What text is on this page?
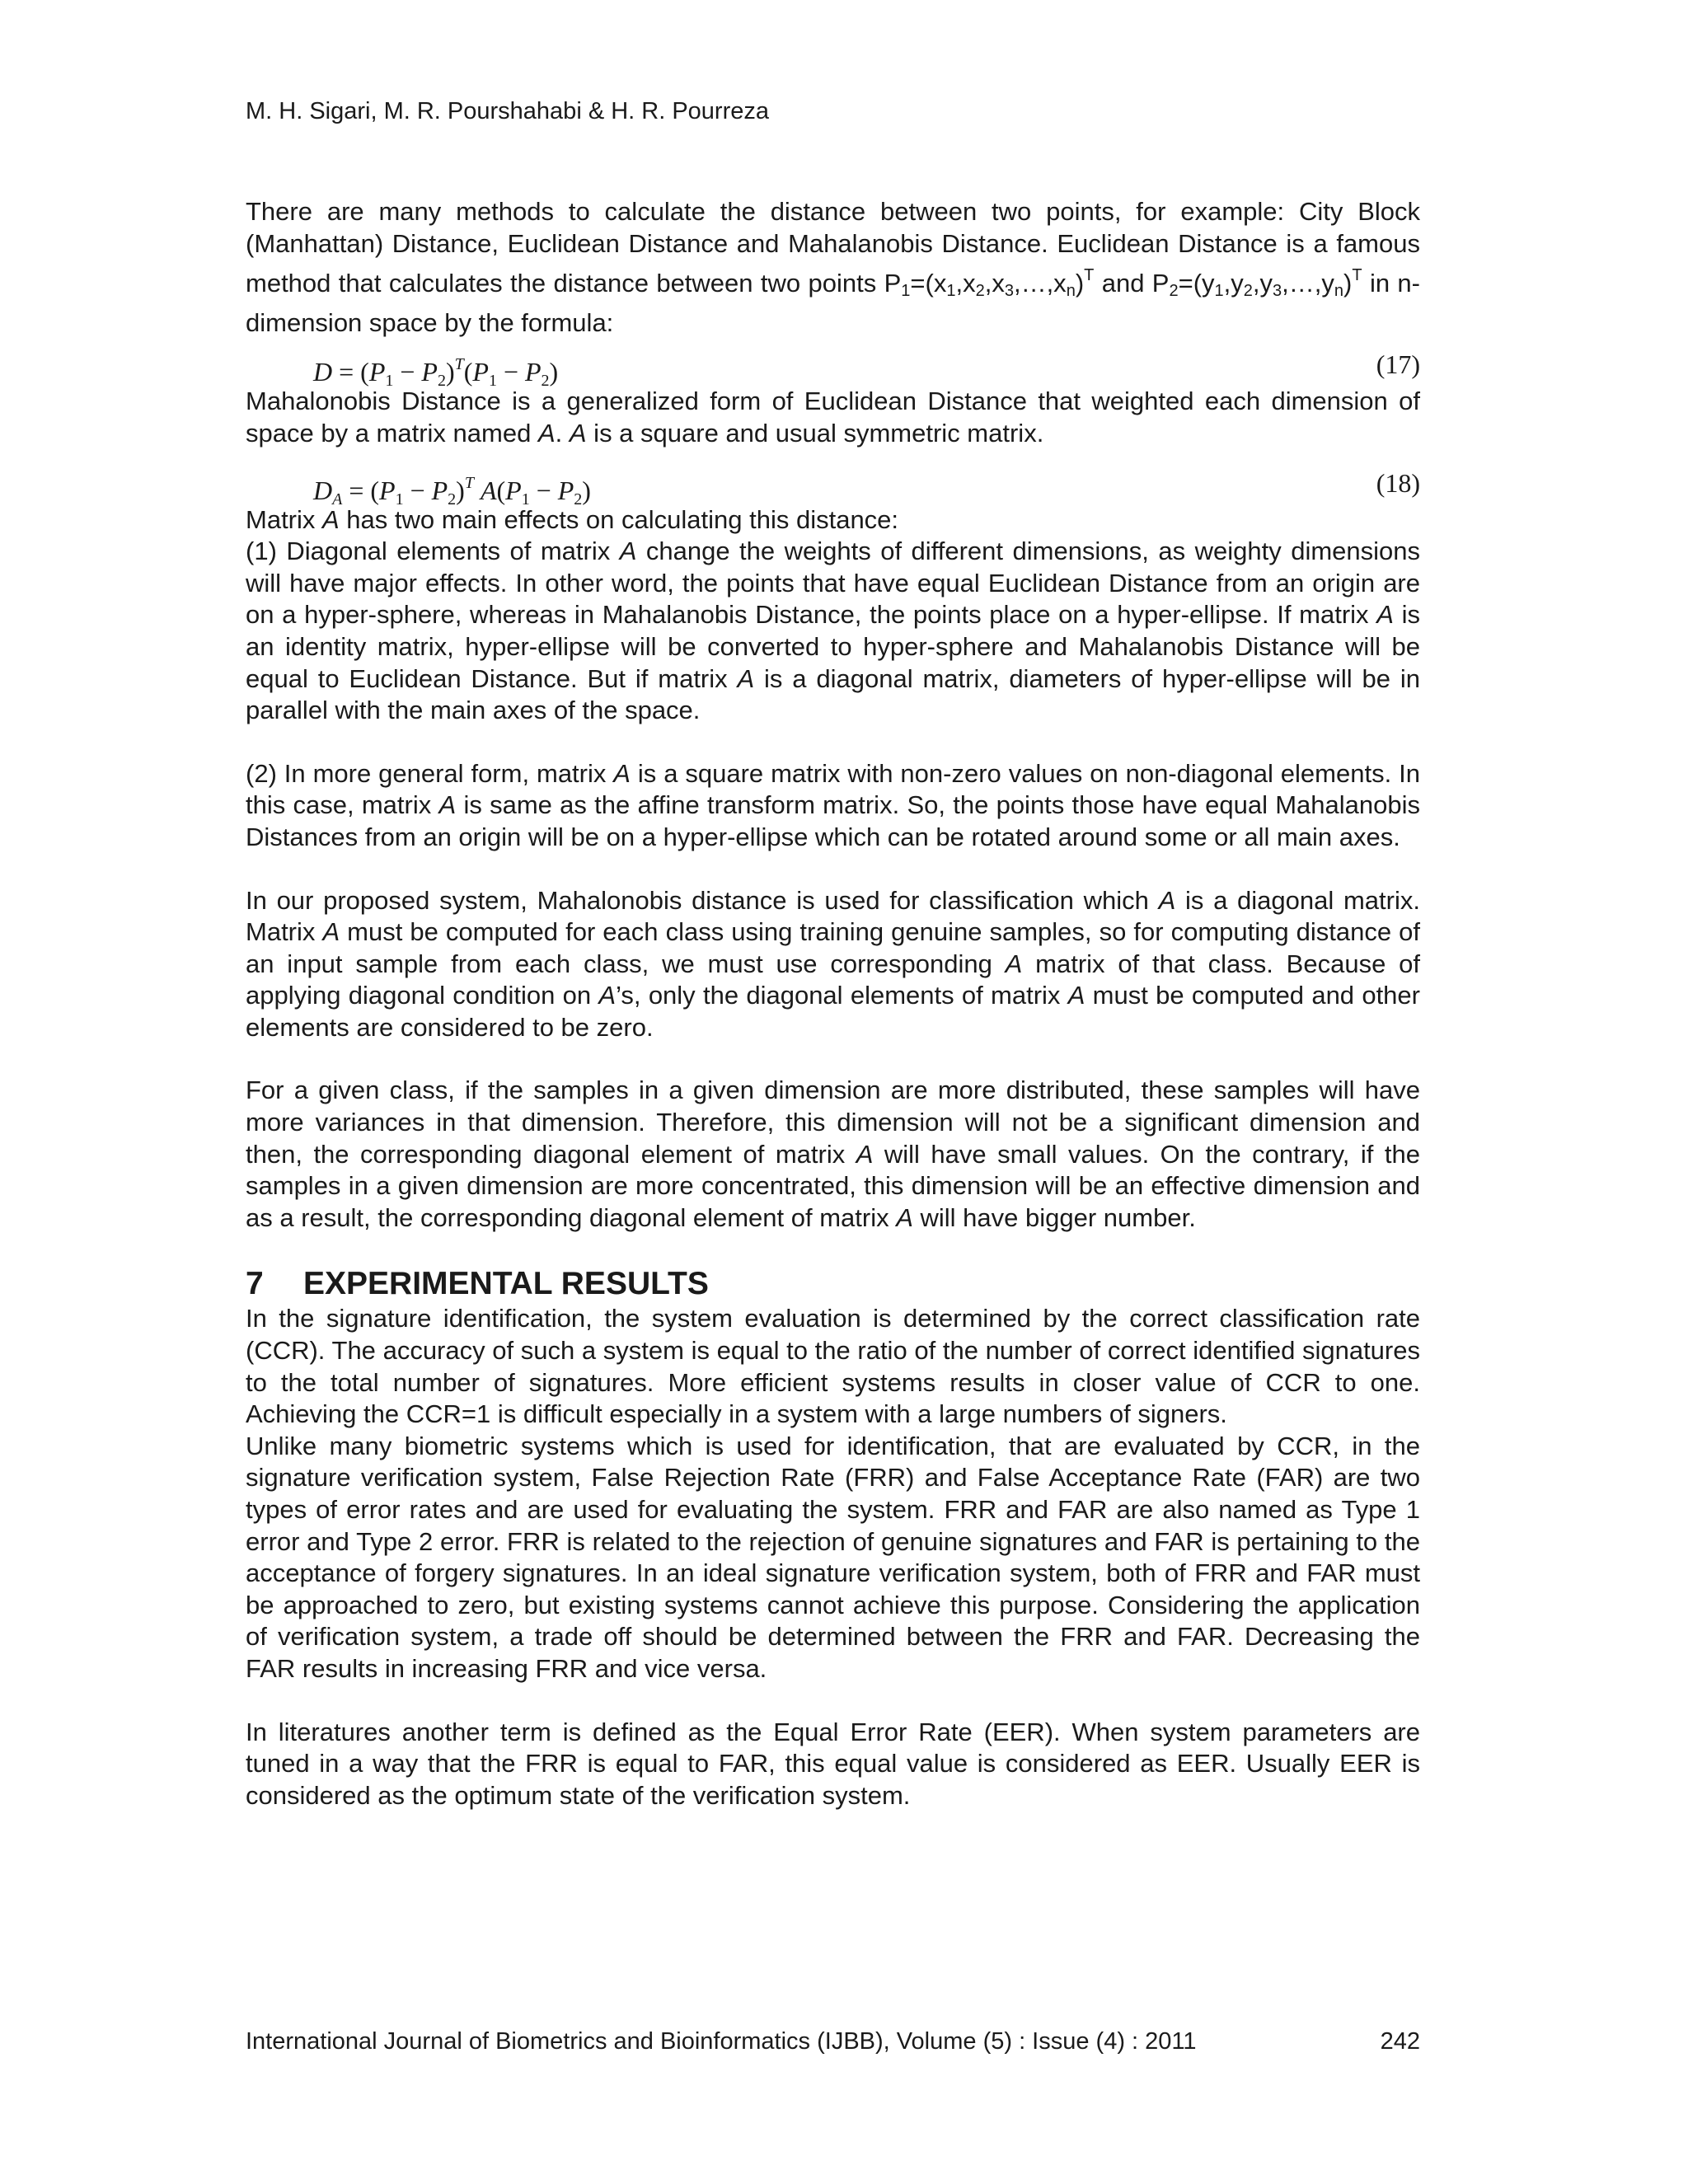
M. H. Sigari, M. R. Pourshahabi & H. R. Pourreza

There are many methods to calculate the distance between two points, for example: City Block (Manhattan) Distance, Euclidean Distance and Mahalanobis Distance. Euclidean Distance is a famous method that calculates the distance between two points $P_1=(x_1,x_2,x_3,\dots,x_n)^T$ and $P_2=(y_1,y_2,y_3,\dots,y_n)^T$ in n-dimension space by the formula:

$D = (P_1 - P_2)^T(P_1 - P_2)$	(17)

Mahalonobis Distance is a generalized form of Euclidean Distance that weighted each dimension of space by a matrix named A. A is a square and usual symmetric matrix.

$D_A = (P_1 - P_2)^T$ $A(P_1 - P_2)$	(18)

Matrix A has two main effects on calculating this distance:

(1) Diagonal elements of matrix A change the weights of different dimensions, as weighty dimensions will have major effects. In other word, the points that have equal Euclidean Distance from an origin are on a hyper-sphere, whereas in Mahalanobis Distance, the points place on a hyper-ellipse. If matrix A is an identity matrix, hyper-ellipse will be converted to hyper-sphere and Mahalanobis Distance will be equal to Euclidean Distance. But if matrix A is a diagonal matrix, diameters of hyper-ellipse will be in parallel with the main axes of the space.

(2) In more general form, matrix A is a square matrix with non-zero values on non-diagonal elements. In this case, matrix A is same as the affine transform matrix. So, the points those have equal Mahalanobis Distances from an origin will be on a hyper-ellipse which can be rotated around some or all main axes.

In our proposed system, Mahalonobis distance is used for classification which A is a diagonal matrix. Matrix A must be computed for each class using training genuine samples, so for computing distance of an input sample from each class, we must use corresponding A matrix of that class. Because of applying diagonal condition on A’s, only the diagonal elements of matrix A must be computed and other elements are considered to be zero.

For a given class, if the samples in a given dimension are more distributed, these samples will have more variances in that dimension. Therefore, this dimension will not be a significant dimension and then, the corresponding diagonal element of matrix A will have small values. On the contrary, if the samples in a given dimension are more concentrated, this dimension will be an effective dimension and as a result, the corresponding diagonal element of matrix A will have bigger number.

7 EXPERIMENTAL RESULTS

In the signature identification, the system evaluation is determined by the correct classification rate (CCR). The accuracy of such a system is equal to the ratio of the number of correct identified signatures to the total number of signatures. More efficient systems results in closer value of CCR to one. Achieving the CCR=1 is difficult especially in a system with a large numbers of signers.

Unlike many biometric systems which is used for identification, that are evaluated by CCR, in the signature verification system, False Rejection Rate (FRR) and False Acceptance Rate (FAR) are two types of error rates and are used for evaluating the system. FRR and FAR are also named as Type 1 error and Type 2 error. FRR is related to the rejection of genuine signatures and FAR is pertaining to the acceptance of forgery signatures. In an ideal signature verification system, both of FRR and FAR must be approached to zero, but existing systems cannot achieve this purpose. Considering the application of verification system, a trade off should be determined between the FRR and FAR. Decreasing the FAR results in increasing FRR and vice versa.

In literatures another term is defined as the Equal Error Rate (EER). When system parameters are tuned in a way that the FRR is equal to FAR, this equal value is considered as EER. Usually EER is considered as the optimum state of the verification system.

International Journal of Biometrics and Bioinformatics (IJBB), Volume (5) : Issue (4) : 2011	242
